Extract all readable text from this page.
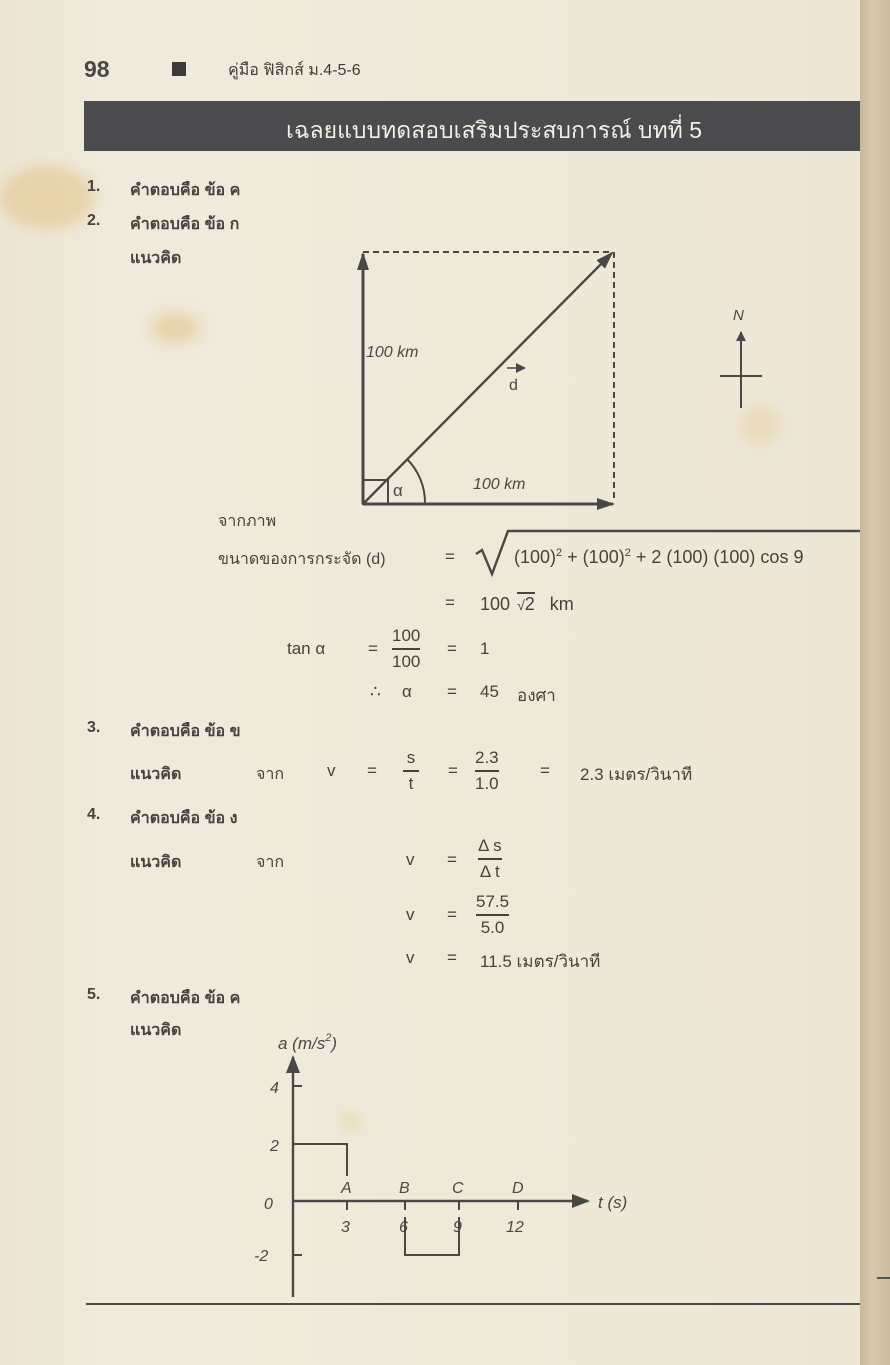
98	คู่มือ ฟิสิกส์ ม.4-5-6
เฉลยแบบทดสอบเสริมประสบการณ์ บทที่ 5
1. คำตอบคือ ข้อ ค
2. คำตอบคือ ข้อ ก
แนวคิด
α
100 km
100 km
d
N
จากภาพ
ขนาดของการกระจัด (d)	=	$(100)^2 + (100)^2 + 2$ (100) (100) cos 9
= 100 √2 km
tan α	=
100
100
= 1
∴ α = 45 องศา
3. คำตอบคือ ข้อ ข
แนวคิด	จาก	v =
s
t
=
2.3
1.0
= 2.3 เมตร/วินาที
4. คำตอบคือ ข้อ ง
แนวคิด	จาก	v =
Δ s
Δ t
v =
57.5
5.0
v = 11.5 เมตร/วินาที
5. คำตอบคือ ข้อ ค
แนวคิด
a $(m/s^2)$
4
2
0
-2
A	B	C	D
3	6	9	12
t (s)
